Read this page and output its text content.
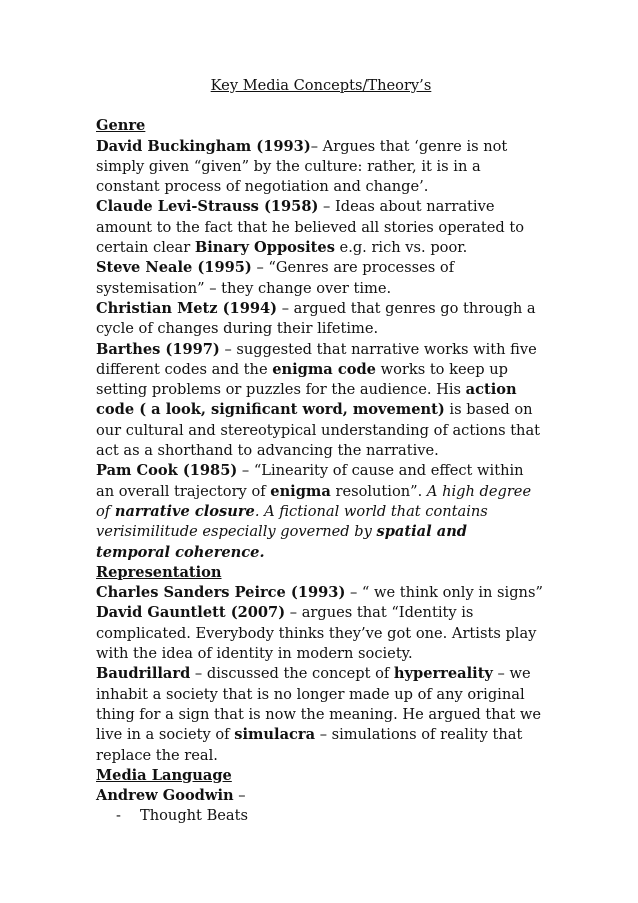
Key Media Concepts/Theory’s
Genre

David Buckingham (1993)– Argues that ‘genre is not simply given “given” by the culture: rather, it is in a constant process of negotiation and change’.

Claude Levi-Strauss (1958) – Ideas about narrative amount to the fact that he believed all stories operated to certain clear Binary Opposites e.g. rich vs. poor.

Steve Neale (1995) – “Genres are processes of systemisation” – they change over time.

Christian Metz (1994) – argued that genres go through a cycle of changes during their lifetime.

Barthes (1997) – suggested that narrative works with five different codes and the enigma code works to keep up setting problems or puzzles for the audience. His action code ( a look, significant word, movement) is based on our cultural and stereotypical understanding of actions that act as a shorthand to advancing the narrative.

Pam Cook (1985) – “Linearity of cause and effect within an overall trajectory of enigma resolution”. A high degree of narrative closure. A fictional world that contains verisimilitude especially governed by spatial and temporal coherence.

Representation

Charles Sanders Peirce (1993) – “ we think only in signs”

David Gauntlett (2007) – argues that “Identity is complicated. Everybody thinks they’ve got one. Artists play with the idea of identity in modern society.

Baudrillard – discussed the concept of hyperreality – we inhabit a society that is no longer made up of any original thing for a sign that is now the meaning. He argued that we live in a society of simulacra – simulations of reality that replace the real.

Media Language

Andrew Goodwin –

- Thought Beats
